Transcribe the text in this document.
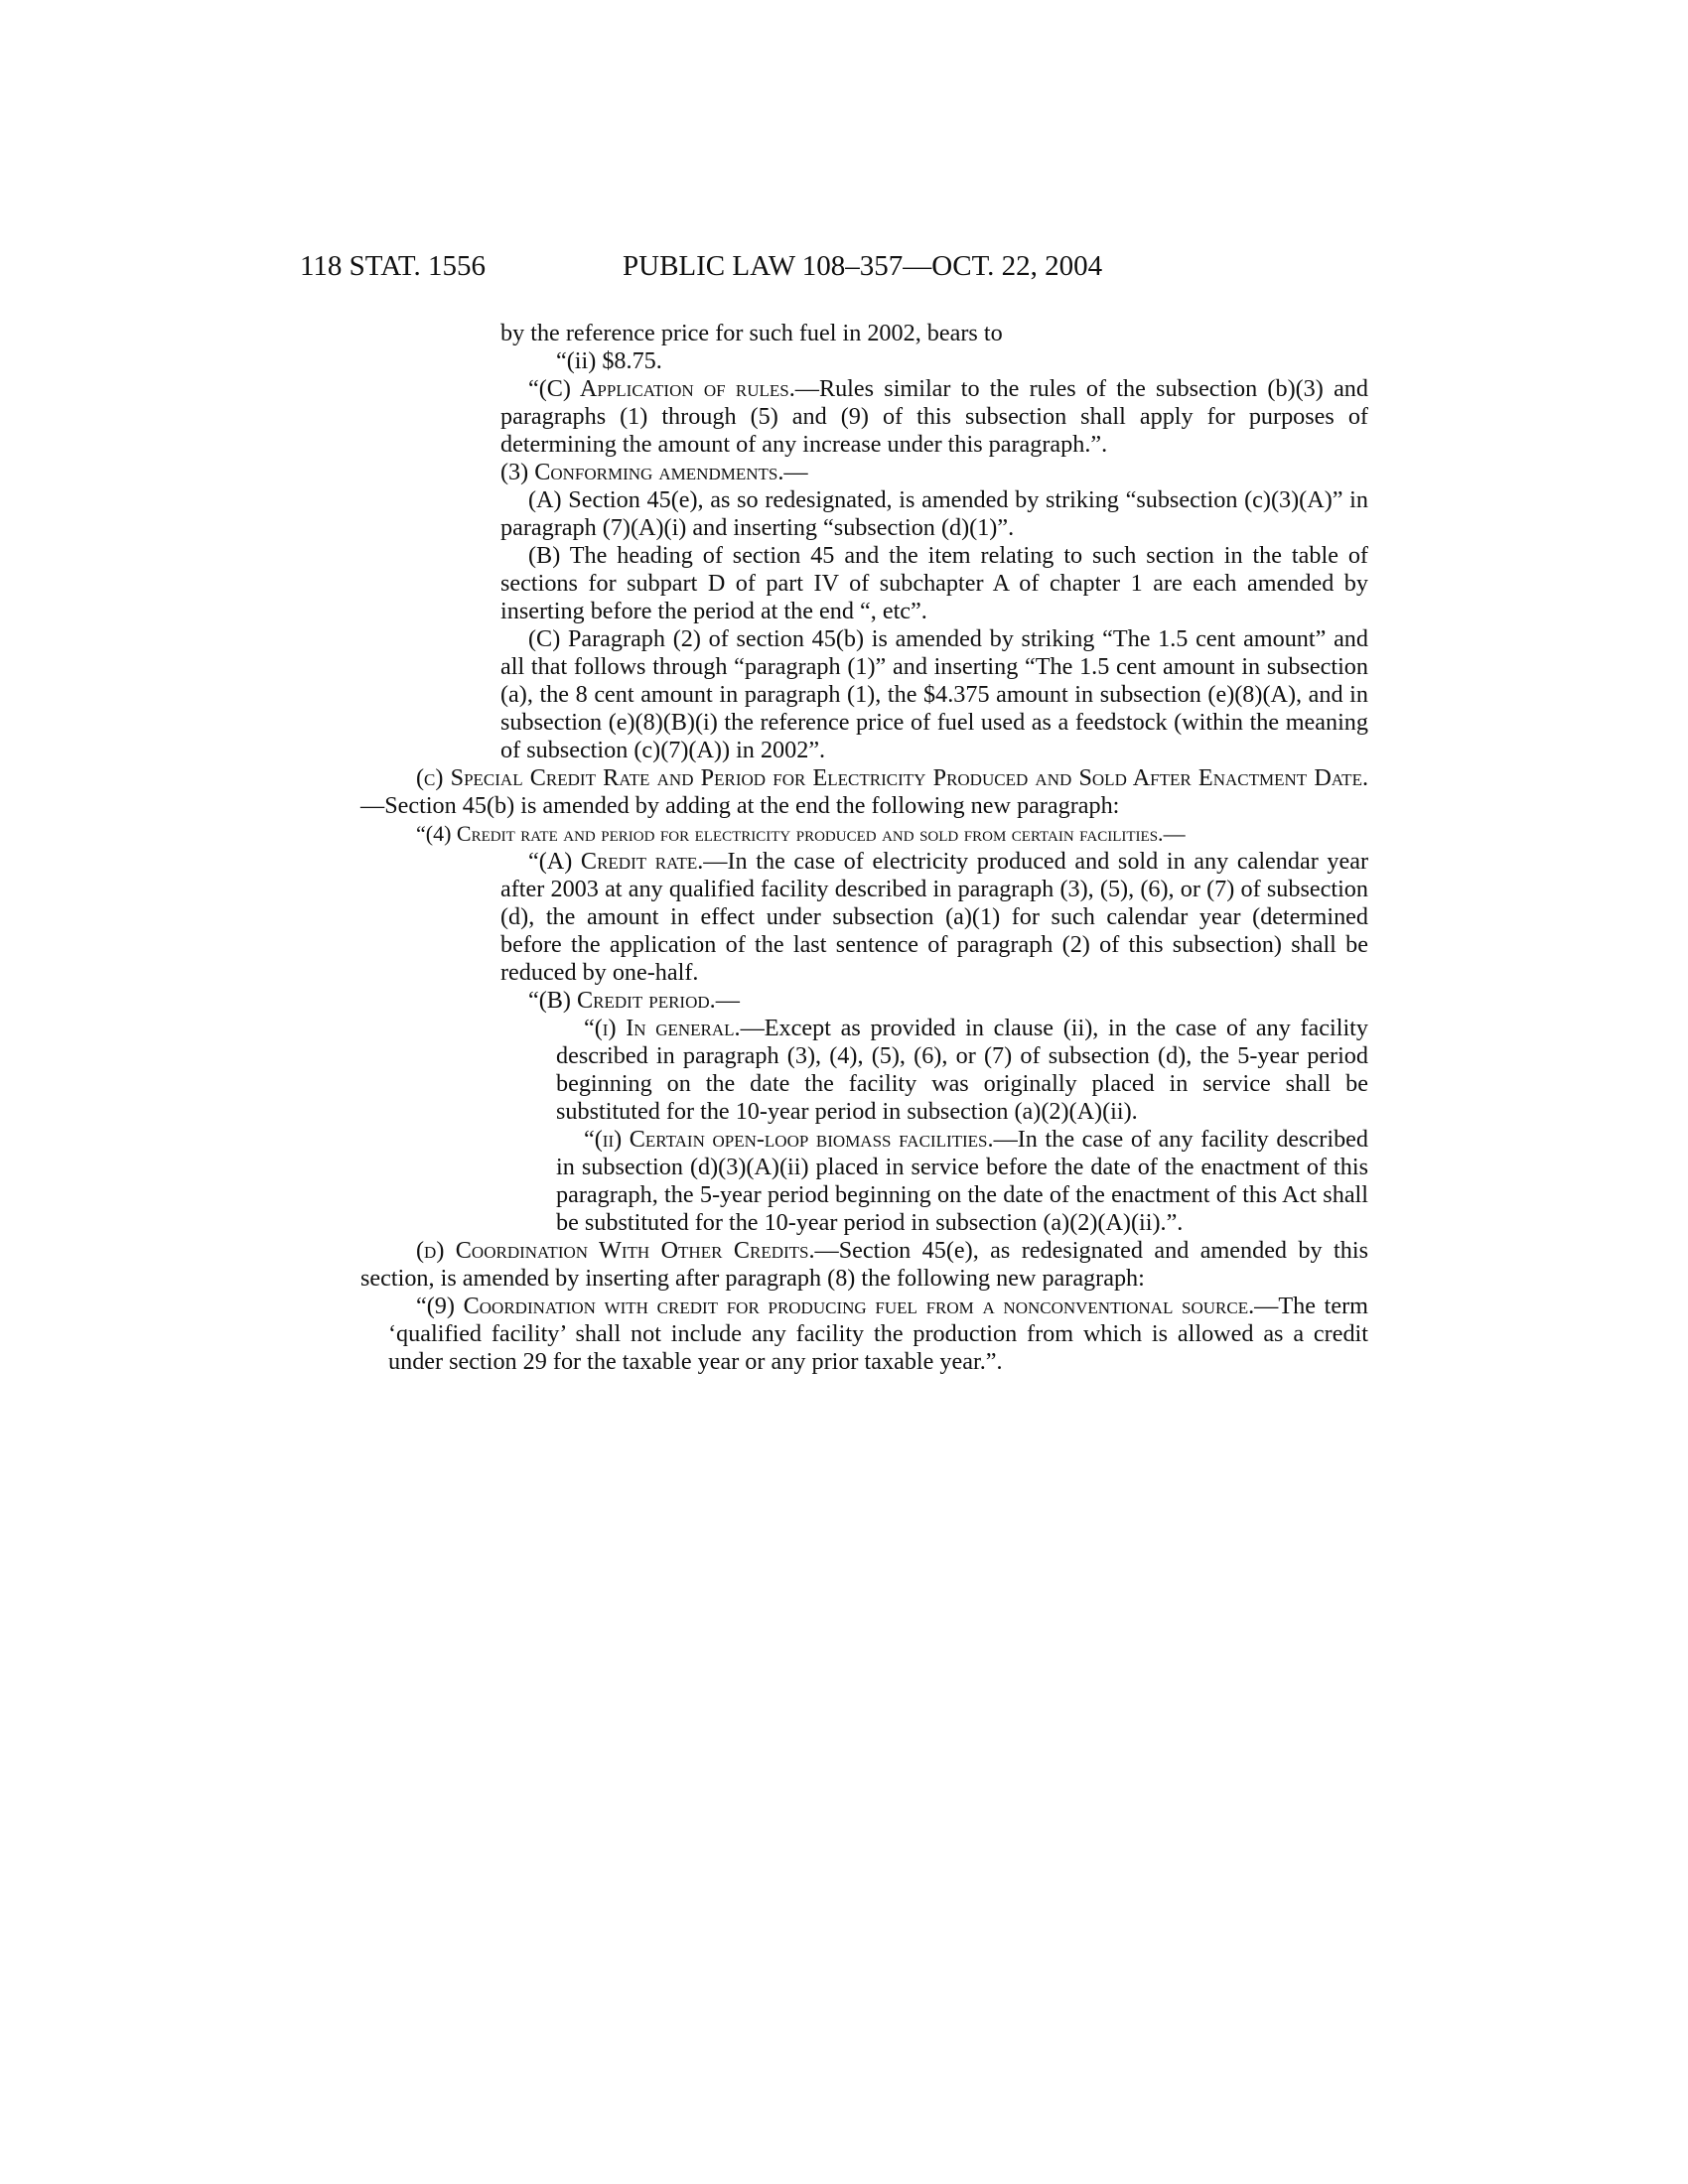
118 STAT. 1556	PUBLIC LAW 108–357—OCT. 22, 2004

by the reference price for such fuel in 2002, bears to

“(ii) $8.75.

“(C) Application of rules.—Rules similar to the rules of the subsection (b)(3) and paragraphs (1) through (5) and (9) of this subsection shall apply for purposes of determining the amount of any increase under this paragraph.”.

(3) Conforming amendments.—

(A) Section 45(e), as so redesignated, is amended by striking “subsection (c)(3)(A)” in paragraph (7)(A)(i) and inserting “subsection (d)(1)”.

(B) The heading of section 45 and the item relating to such section in the table of sections for subpart D of part IV of subchapter A of chapter 1 are each amended by inserting before the period at the end “, etc”.

(C) Paragraph (2) of section 45(b) is amended by striking “The 1.5 cent amount” and all that follows through “paragraph (1)” and inserting “The 1.5 cent amount in subsection (a), the 8 cent amount in paragraph (1), the $4.375 amount in subsection (e)(8)(A), and in subsection (e)(8)(B)(i) the reference price of fuel used as a feedstock (within the meaning of subsection (c)(7)(A)) in 2002”.

(c) Special Credit Rate and Period for Electricity Produced and Sold After Enactment Date.—Section 45(b) is amended by adding at the end the following new paragraph:

“(4) Credit rate and period for electricity produced and sold from certain facilities.—

“(A) Credit rate.—In the case of electricity produced and sold in any calendar year after 2003 at any qualified facility described in paragraph (3), (5), (6), or (7) of subsection (d), the amount in effect under subsection (a)(1) for such calendar year (determined before the application of the last sentence of paragraph (2) of this subsection) shall be reduced by one-half.

“(B) Credit period.—

“(i) In general.—Except as provided in clause (ii), in the case of any facility described in paragraph (3), (4), (5), (6), or (7) of subsection (d), the 5-year period beginning on the date the facility was originally placed in service shall be substituted for the 10-year period in subsection (a)(2)(A)(ii).

“(ii) Certain open-loop biomass facilities.—In the case of any facility described in subsection (d)(3)(A)(ii) placed in service before the date of the enactment of this paragraph, the 5-year period beginning on the date of the enactment of this Act shall be substituted for the 10-year period in subsection (a)(2)(A)(ii).”.

(d) Coordination With Other Credits.—Section 45(e), as redesignated and amended by this section, is amended by inserting after paragraph (8) the following new paragraph:

“(9) Coordination with credit for producing fuel from a nonconventional source.—The term ‘qualified facility’ shall not include any facility the production from which is allowed as a credit under section 29 for the taxable year or any prior taxable year.”.
